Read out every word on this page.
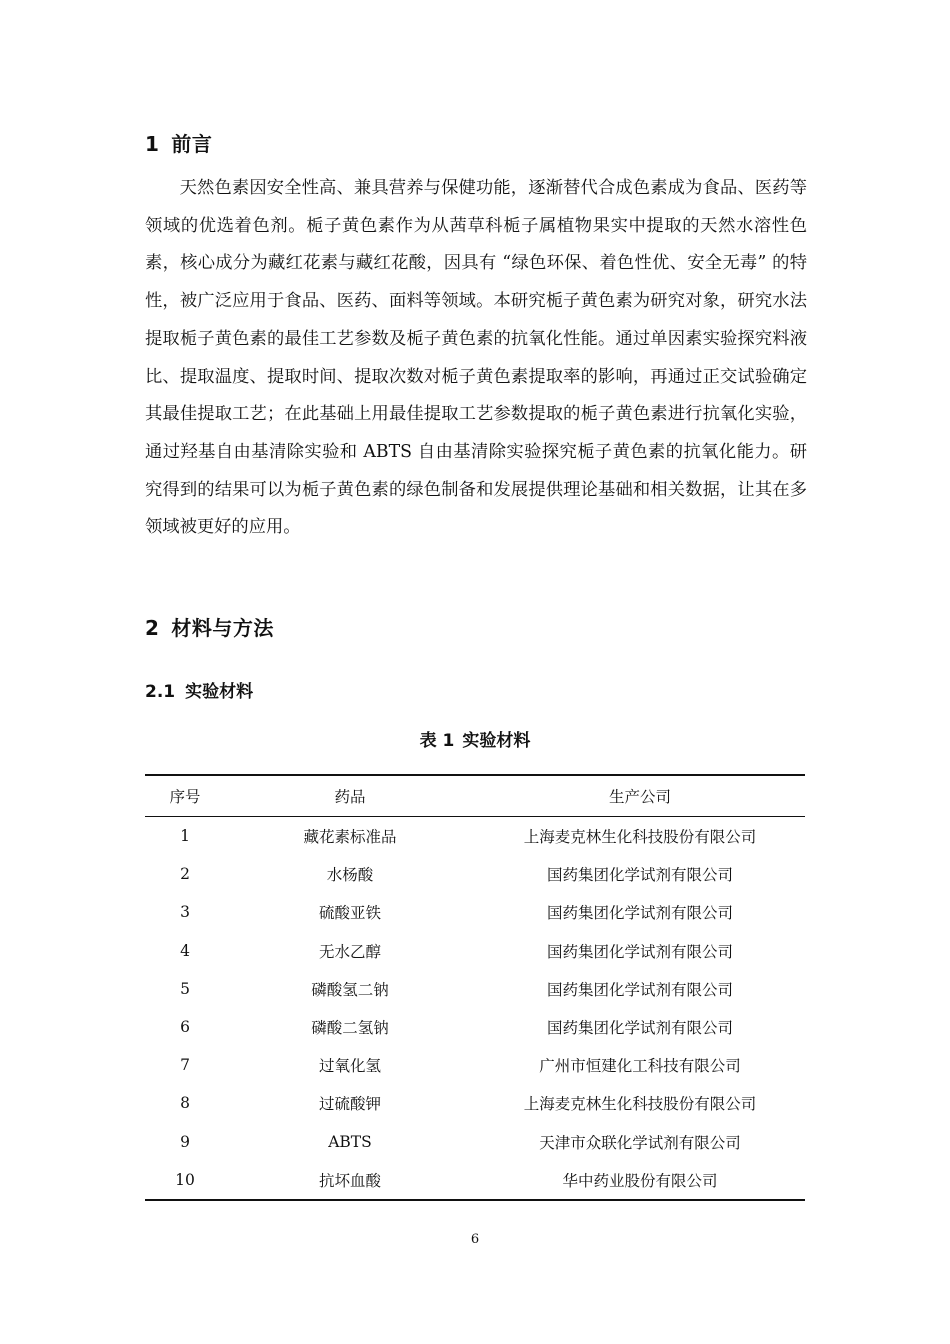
1 前言

天然色素因安全性高、兼具营养与保健功能，逐渐替代合成色素成为食品、医药等领域的优选着色剂。栀子黄色素作为从茜草科栀子属植物果实中提取的天然水溶性色素，核心成分为藏红花素与藏红花酸，因具有 “绿色环保、着色性优、安全无毒” 的特性，被广泛应用于食品、医药、面料等领域。本研究栀子黄色素为研究对象，研究水法提取栀子黄色素的最佳工艺参数及栀子黄色素的抗氧化性能。通过单因素实验探究料液比、提取温度、提取时间、提取次数对栀子黄色素提取率的影响，再通过正交试验确定其最佳提取工艺；在此基础上用最佳提取工艺参数提取的栀子黄色素进行抗氧化实验，通过羟基自由基清除实验和 ABTS 自由基清除实验探究栀子黄色素的抗氧化能力。研究得到的结果可以为栀子黄色素的绿色制备和发展提供理论基础和相关数据，让其在多领域被更好的应用。

2 材料与方法
2.1 实验材料
表 1 实验材料
序号	药品	生产公司
1	藏花素标准品	上海麦克林生化科技股份有限公司
2	水杨酸	国药集团化学试剂有限公司
3	硫酸亚铁	国药集团化学试剂有限公司
4	无水乙醇	国药集团化学试剂有限公司
5	磷酸氢二钠	国药集团化学试剂有限公司
6	磷酸二氢钠	国药集团化学试剂有限公司
7	过氧化氢	广州市恒建化工科技有限公司
8	过硫酸钾	上海麦克林生化科技股份有限公司
9	ABTS	天津市众联化学试剂有限公司
10	抗坏血酸	华中药业股份有限公司
6
